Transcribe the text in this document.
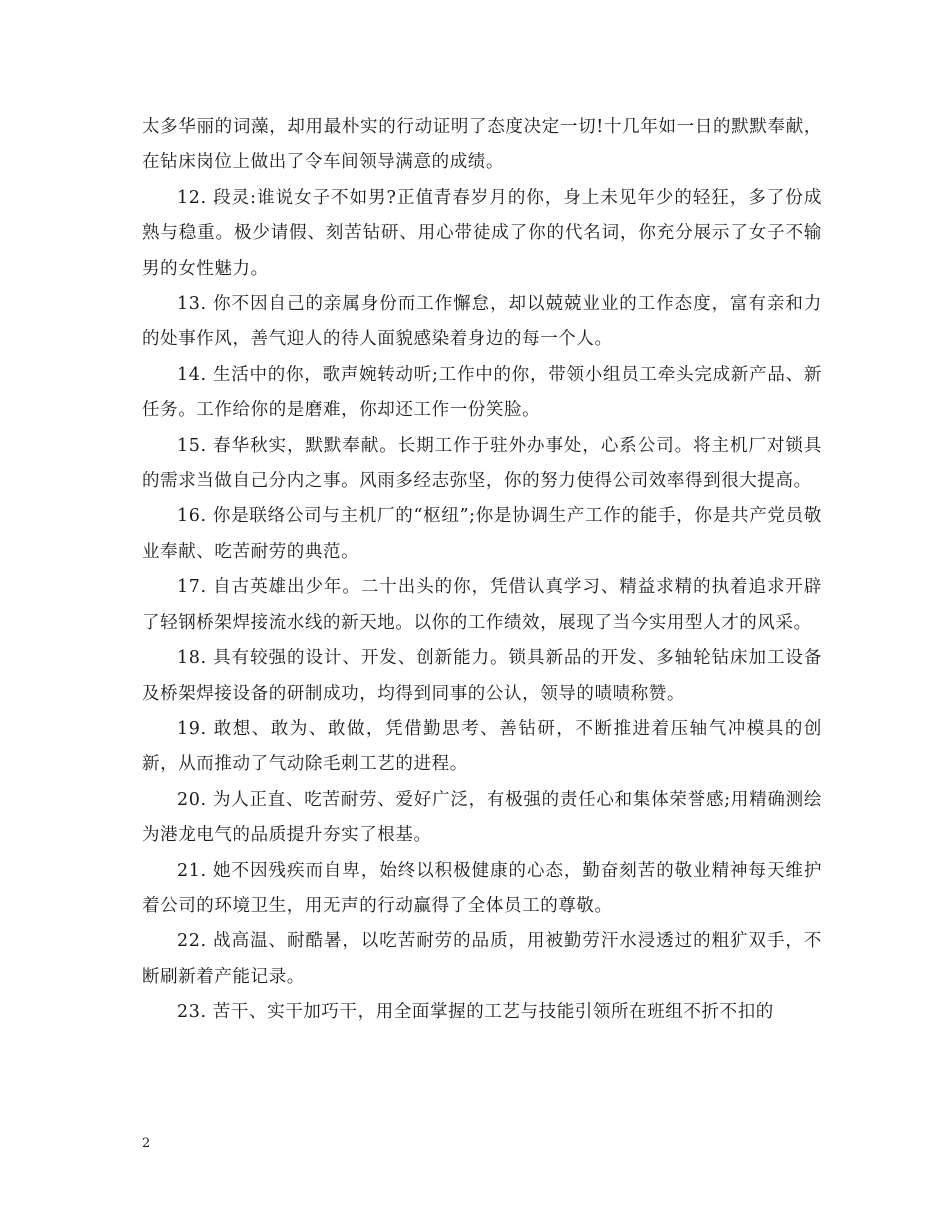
太多华丽的词藻，却用最朴实的行动证明了态度决定一切!十几年如一日的默默奉献，在钻床岗位上做出了令车间领导满意的成绩。

12. 段灵:谁说女子不如男?正值青春岁月的你，身上未见年少的轻狂，多了份成熟与稳重。极少请假、刻苦钻研、用心带徒成了你的代名词，你充分展示了女子不输男的女性魅力。

13. 你不因自己的亲属身份而工作懈怠，却以兢兢业业的工作态度，富有亲和力的处事作风，善气迎人的待人面貌感染着身边的每一个人。

14. 生活中的你，歌声婉转动听;工作中的你，带领小组员工牵头完成新产品、新任务。工作给你的是磨难，你却还工作一份笑脸。

15. 春华秋实，默默奉献。长期工作于驻外办事处，心系公司。将主机厂对锁具的需求当做自己分内之事。风雨多经志弥坚，你的努力使得公司效率得到很大提高。

16. 你是联络公司与主机厂的“枢纽”;你是协调生产工作的能手，你是共产党员敬业奉献、吃苦耐劳的典范。

17. 自古英雄出少年。二十出头的你，凭借认真学习、精益求精的执着追求开辟了轻钢桥架焊接流水线的新天地。以你的工作绩效，展现了当今实用型人才的风采。

18. 具有较强的设计、开发、创新能力。锁具新品的开发、多轴轮钻床加工设备及桥架焊接设备的研制成功，均得到同事的公认，领导的啧啧称赞。

19. 敢想、敢为、敢做，凭借勤思考、善钻研，不断推进着压轴气冲模具的创新，从而推动了气动除毛刺工艺的进程。

20. 为人正直、吃苦耐劳、爱好广泛，有极强的责任心和集体荣誉感;用精确测绘为港龙电气的品质提升夯实了根基。

21. 她不因残疾而自卑，始终以积极健康的心态，勤奋刻苦的敬业精神每天维护着公司的环境卫生，用无声的行动赢得了全体员工的尊敬。

22. 战高温、耐酷暑，以吃苦耐劳的品质，用被勤劳汗水浸透过的粗犷双手，不断刷新着产能记录。

23. 苦干、实干加巧干，用全面掌握的工艺与技能引领所在班组不折不扣的

2
